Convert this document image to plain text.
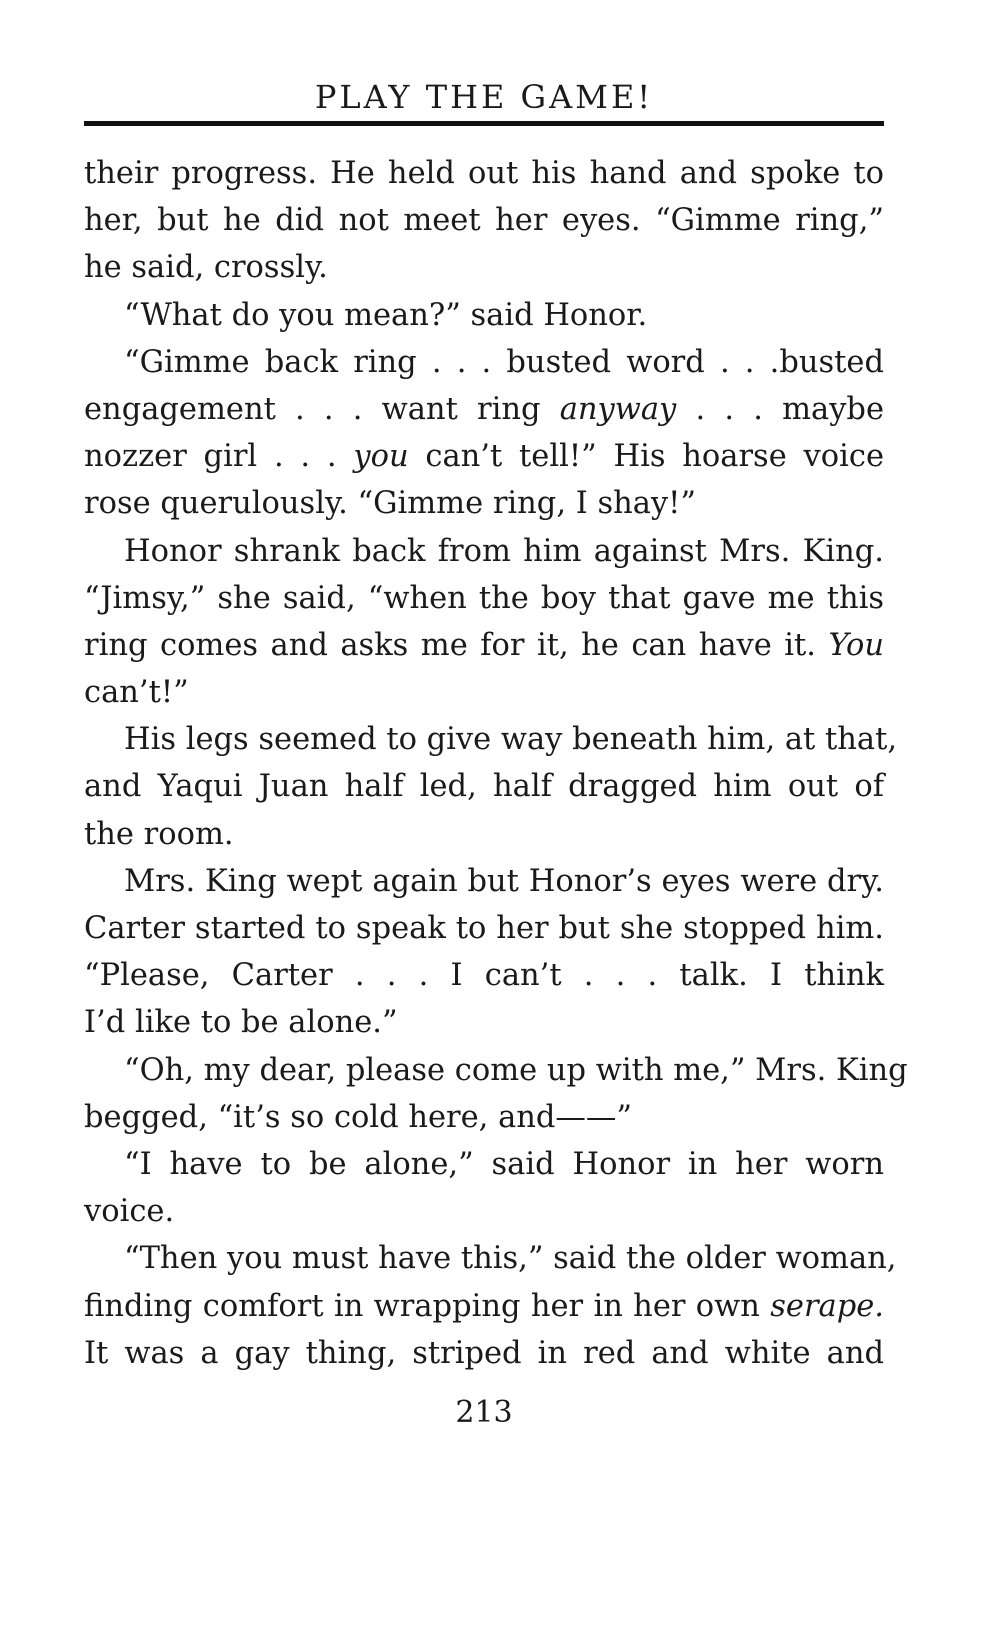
PLAY THE GAME!
their progress. He held out his hand and spoke to
her, but he did not meet her eyes. “Gimme ring,”
he said, crossly.
“What do you mean?” said Honor.
“Gimme back ring . . . busted word . . .busted
engagement . . . want ring anyway . . . maybe
nozzer girl . . . you can’t tell!” His hoarse voice
rose querulously. “Gimme ring, I shay!”
Honor shrank back from him against Mrs. King.
“Jimsy,” she said, “when the boy that gave me this
ring comes and asks me for it, he can have it. You
can’t!”
His legs seemed to give way beneath him, at that,
and Yaqui Juan half led, half dragged him out of
the room.
Mrs. King wept again but Honor’s eyes were dry.
Carter started to speak to her but she stopped him.
“Please, Carter . . . I can’t . . . talk. I think
I’d like to be alone.”
“Oh, my dear, please come up with me,” Mrs. King
begged, “it’s so cold here, and——”
“I have to be alone,” said Honor in her worn
voice.
“Then you must have this,” said the older woman,
finding comfort in wrapping her in her own serape.
It was a gay thing, striped in red and white and
213
